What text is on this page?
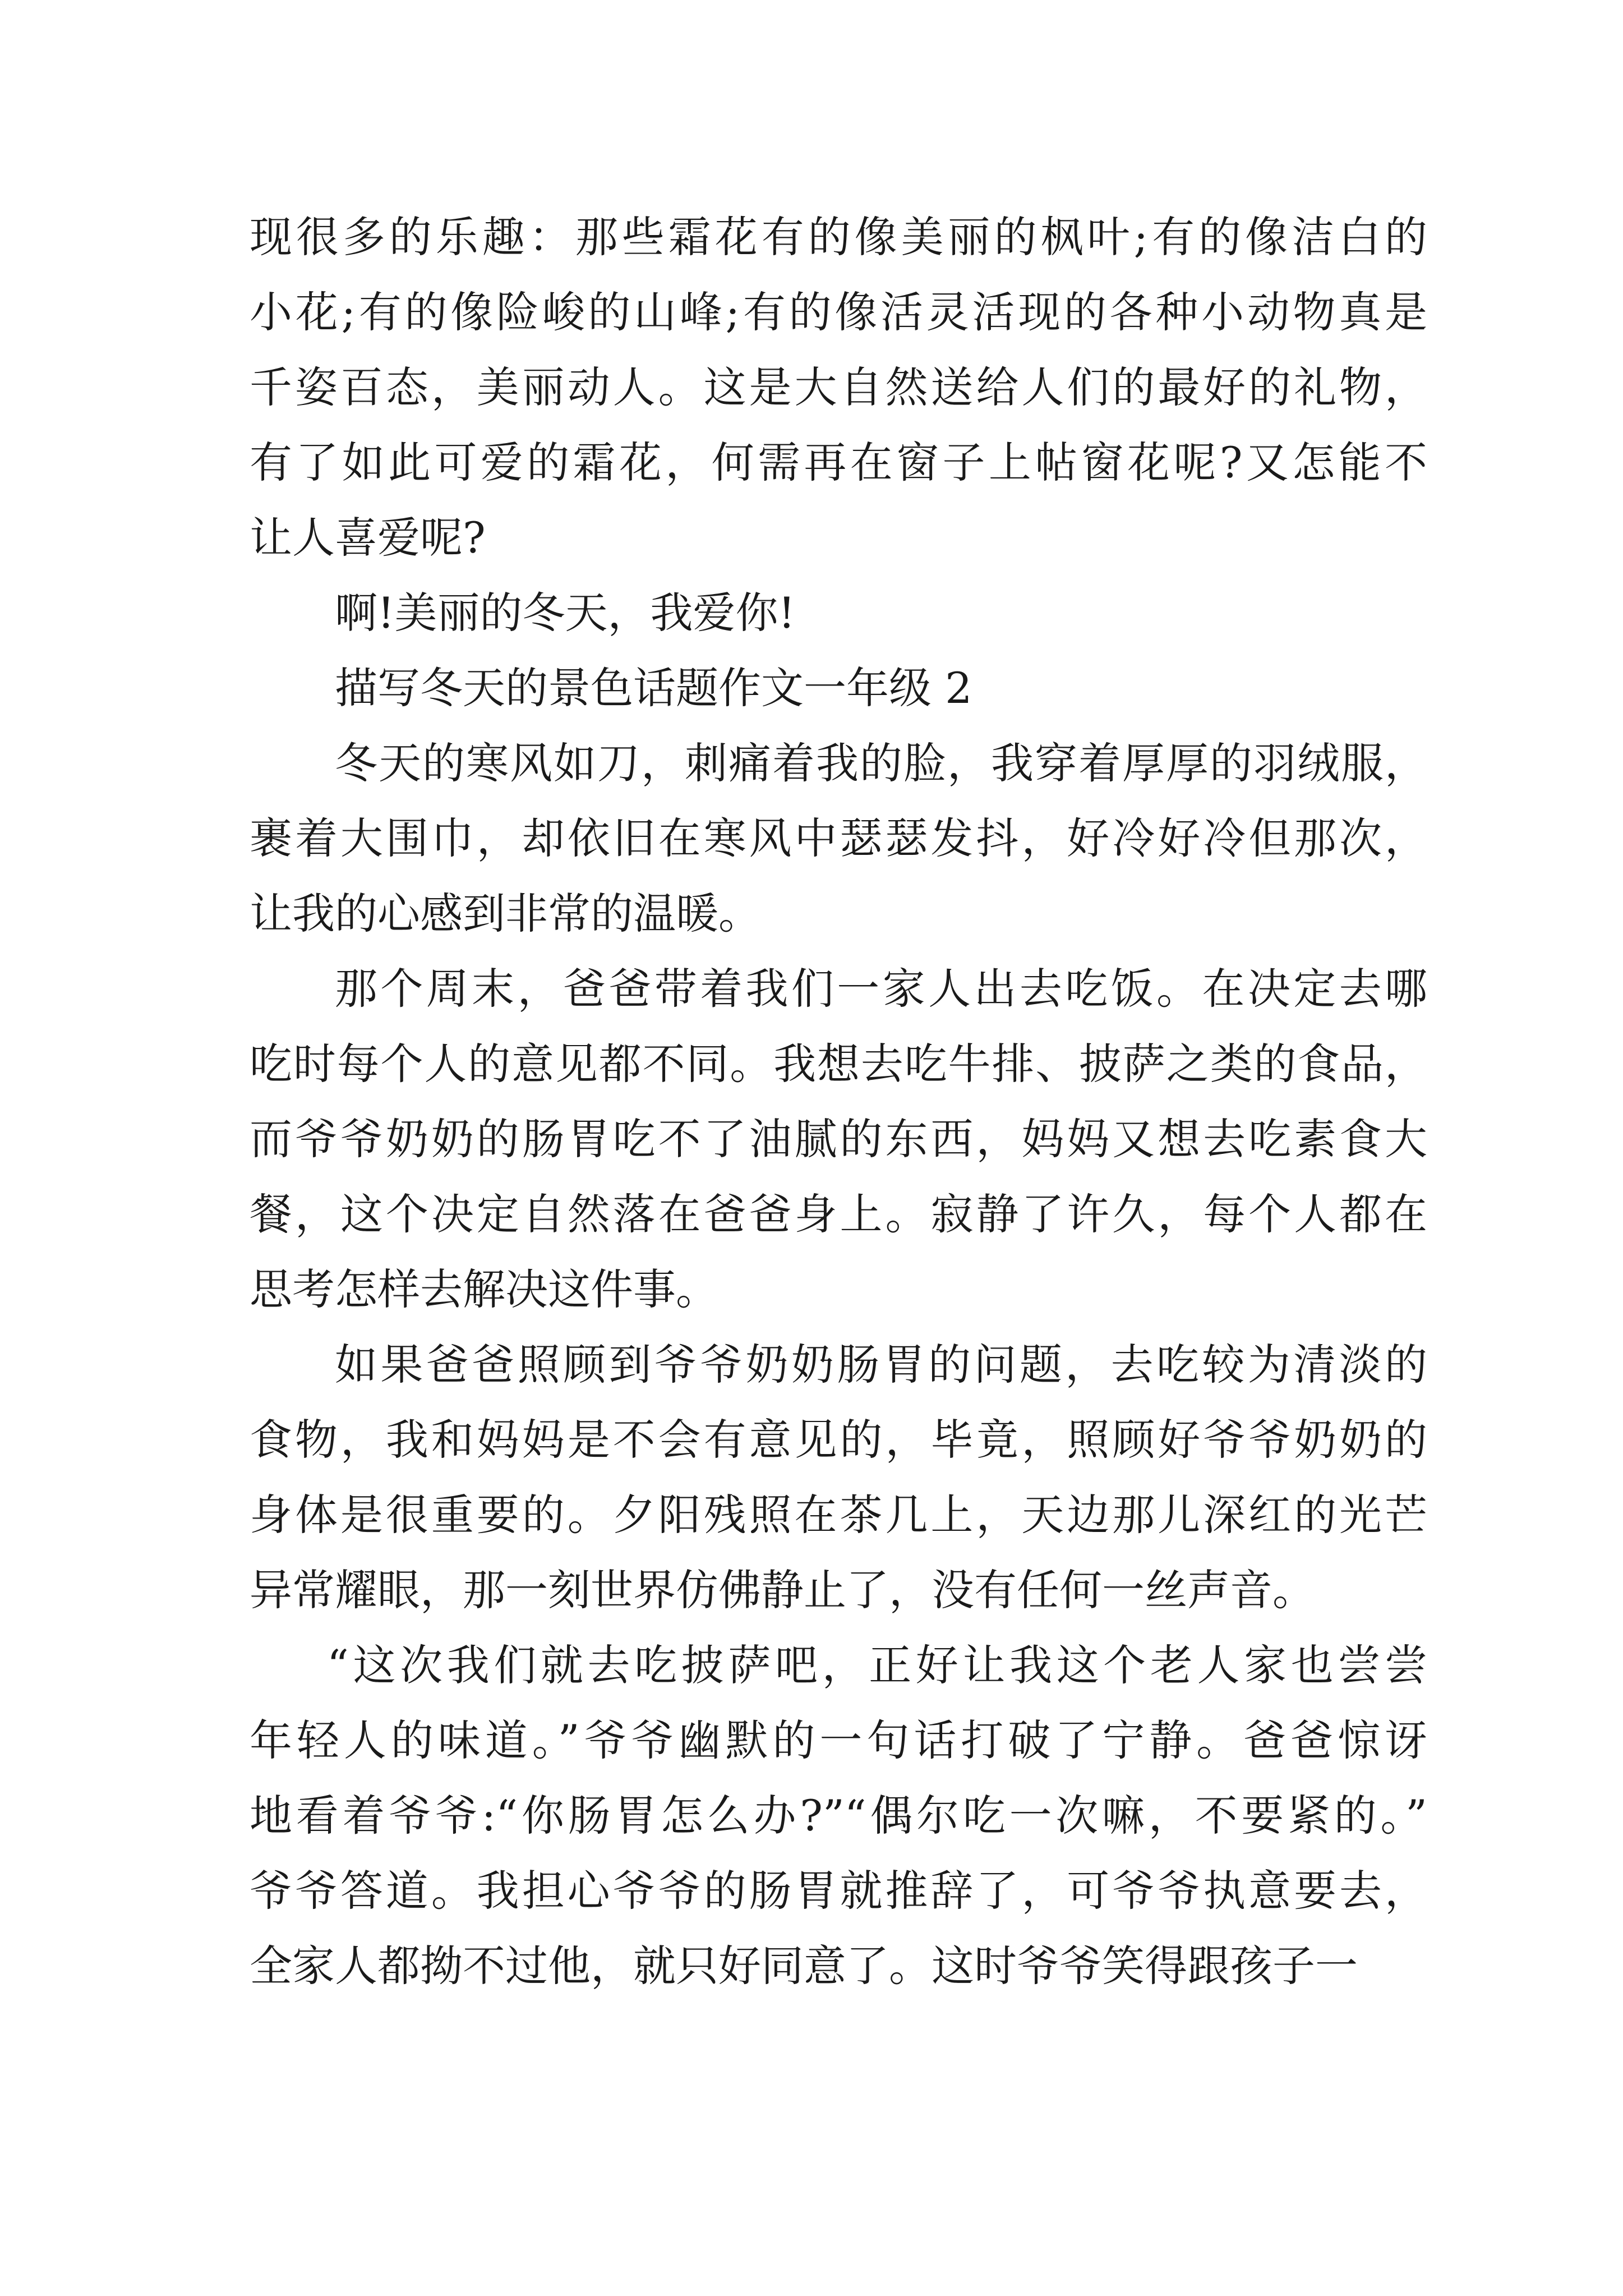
现很多的乐趣：那些霜花有的像美丽的枫叶;有的像洁白的
小花;有的像险峻的山峰;有的像活灵活现的各种小动物真是
千姿百态，美丽动人。这是大自然送给人们的最好的礼物，
有了如此可爱的霜花，何需再在窗子上帖窗花呢?又怎能不
让人喜爱呢?
啊!美丽的冬天，我爱你!
描写冬天的景色话题作文一年级 2
冬天的寒风如刀，刺痛着我的脸，我穿着厚厚的羽绒服，
裹着大围巾，却依旧在寒风中瑟瑟发抖，好冷好冷但那次，
让我的心感到非常的温暖。
那个周末，爸爸带着我们一家人出去吃饭。在决定去哪
吃时每个人的意见都不同。我想去吃牛排、披萨之类的食品，
而爷爷奶奶的肠胃吃不了油腻的东西，妈妈又想去吃素食大
餐，这个决定自然落在爸爸身上。寂静了许久，每个人都在
思考怎样去解决这件事。
如果爸爸照顾到爷爷奶奶肠胃的问题，去吃较为清淡的
食物，我和妈妈是不会有意见的，毕竟，照顾好爷爷奶奶的
身体是很重要的。夕阳残照在茶几上，天边那儿深红的光芒
异常耀眼，那一刻世界仿佛静止了，没有任何一丝声音。
“这次我们就去吃披萨吧，正好让我这个老人家也尝尝
年轻人的味道。”爷爷幽默的一句话打破了宁静。爸爸惊讶
地看着爷爷:“你肠胃怎么办?”“偶尔吃一次嘛，不要紧的。”
爷爷答道。我担心爷爷的肠胃就推辞了，可爷爷执意要去，
全家人都拗不过他，就只好同意了。这时爷爷笑得跟孩子一
